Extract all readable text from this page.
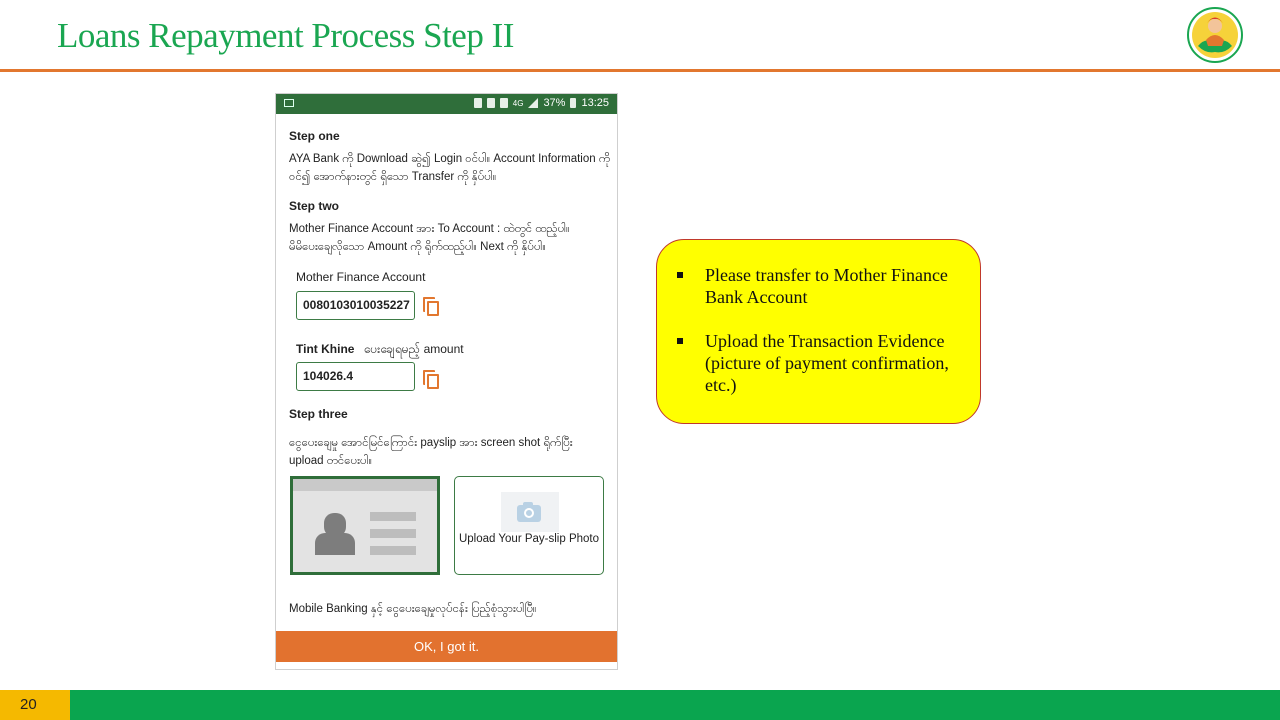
Loans Repayment Process Step II
4G 37% 13:25
Step one
AYA Bank ကို Download ဆွဲ၍ Login ဝင်ပါ။ Account Information ကို
ဝင်၍ အောက်နားတွင် ရှိသော Transfer ကို နှိပ်ပါ။
Step two
Mother Finance Account အား To Account : ထဲတွင် ထည့်ပါ။
မိမိပေးချေလိုသော Amount ကို ရိုက်ထည့်ပါ။ Next ကို နှိပ်ပါ။
Mother Finance Account
0080103010035227
Tint Khine ပေးချေရမည့် amount
104026.4
Step three
ငွေပေးချေမှု အောင်မြင်ကြောင်း payslip အား screen shot ရိုက်ပြီး
upload တင်ပေးပါ။
Upload Your Pay-slip Photo
Mobile Banking နှင့် ငွေပေးချေမှုလုပ်ငန်း ပြည့်စုံသွားပါပြီ။
OK, I got it.
Please transfer to Mother Finance Bank Account
Upload the Transaction Evidence (picture of payment confirmation, etc.)
20
